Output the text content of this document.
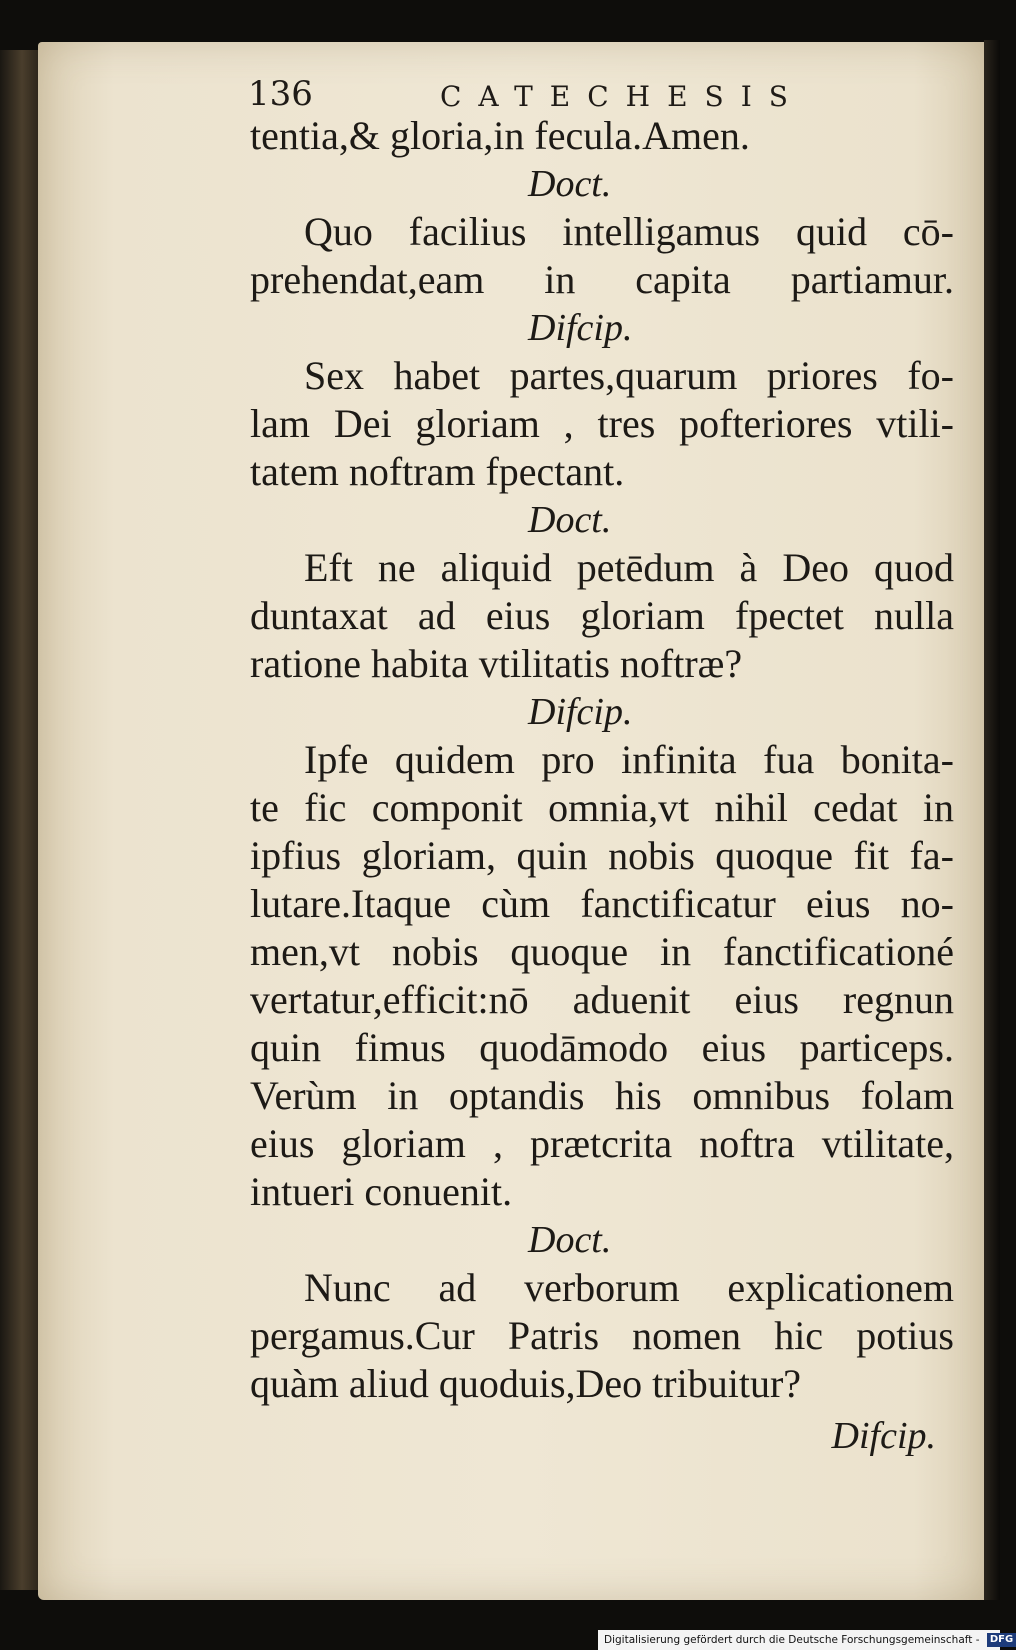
136	CATECHESIS
tentia,& gloria,in fecula.Amen.
Doct.
Quo facilius intelligamus quid cō-
prehendat,eam in capita partiamur.
Difcip.
Sex habet partes,quarum priores fo-
lam Dei gloriam , tres pofteriores vtili-
tatem noftram fpectant.
Doct.
Eft ne aliquid petēdum à Deo quod
duntaxat ad eius gloriam fpectet nulla
ratione habita vtilitatis noftræ?
Difcip.
Ipfe quidem pro infinita fua bonita-
te fic componit omnia,vt nihil cedat in
ipfius gloriam, quin nobis quoque fit fa-
lutare.Itaque cùm fanctificatur eius no-
men,vt nobis quoque in fanctificationé
vertatur,efficit:nō aduenit eius regnun
quin fimus quodāmodo eius particeps.
Verùm in optandis his omnibus folam
eius gloriam , prætcrita noftra vtilitate,
intueri conuenit.
Doct.
Nunc ad verborum explicationem
pergamus.Cur Patris nomen hic potius
quàm aliud quoduis,Deo tribuitur?
Difcip.
Digitalisierung gefördert durch die Deutsche Forschungsgemeinschaft - DFG
